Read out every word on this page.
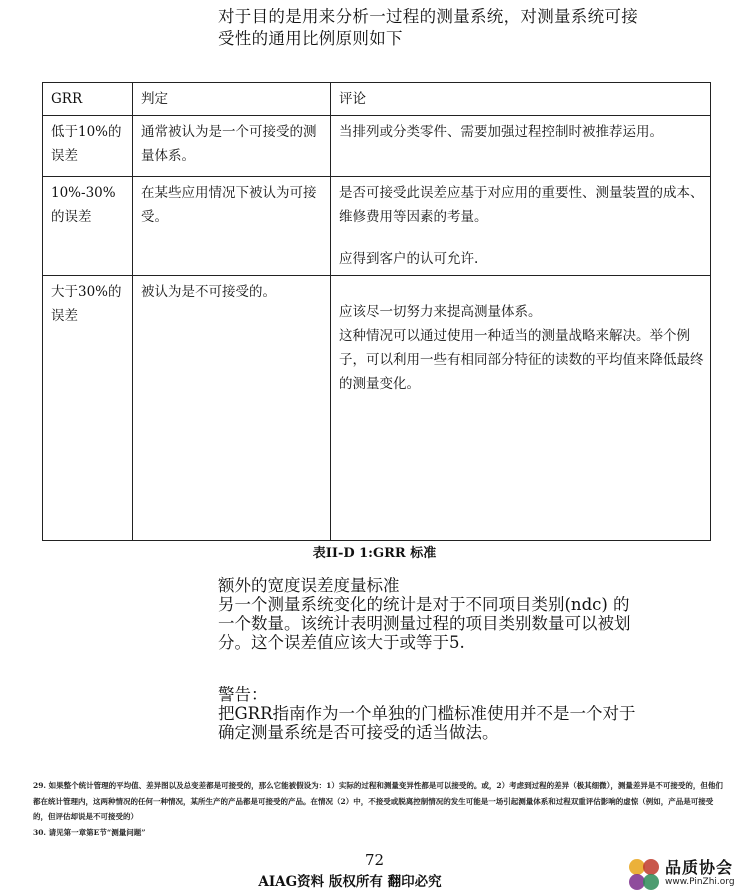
对于目的是用来分析一过程的测量系统，对测量系统可接
受性的通用比例原则如下
GRR	判定	评论
低于10%的误差	通常被认为是一个可接受的测量体系。	当排列或分类零件、需要加强过程控制时被推荐运用。

10%-30%的误差	在某些应用情况下被认为可接受。	是否可接受此误差应基于对应用的重要性、测量装置的成本、维修费用等因素的考量。
应得到客户的认可允许.

大于30%的误差	被认为是不可接受的。	应该尽一切努力来提高测量体系。
这种情况可以通过使用一种适当的测量战略来解决。举个例子，可以利用一些有相同部分特征的读数的平均值来降低最终的测量变化。
表II-D 1:GRR 标准
额外的宽度误差度量标准
另一个测量系统变化的统计是对于不同项目类别(ndc) 的一个数量。该统计表明测量过程的项目类别数量可以被划分。这个误差值应该大于或等于5.
警告：
把GRR指南作为一个单独的门槛标准使用并不是一个对于确定测量系统是否可接受的适当做法。
29. 如果整个统计管理的平均值、差异图以及总变差都是可接受的，那么它能被假设为：1）实际的过程和测量变异性都是可以接受的。或，2）考虑到过程的差异（极其细微），测量差异是不可接受的，但他们都在统计管理内，这两种情况的任何一种情况，某所生产的产品都是可接受的产品。在情况（2）中，不接受或脱离控制情况的发生可能是一场引起测量体系和过程双重评估影响的虚惊（例如，产品是可接受的，但评估却说是不可接受的）
30. 请见第一章第E节“测量问题”
72
AIAG资料 版权所有 翻印必究
品质协会
www.PinZhi.org
